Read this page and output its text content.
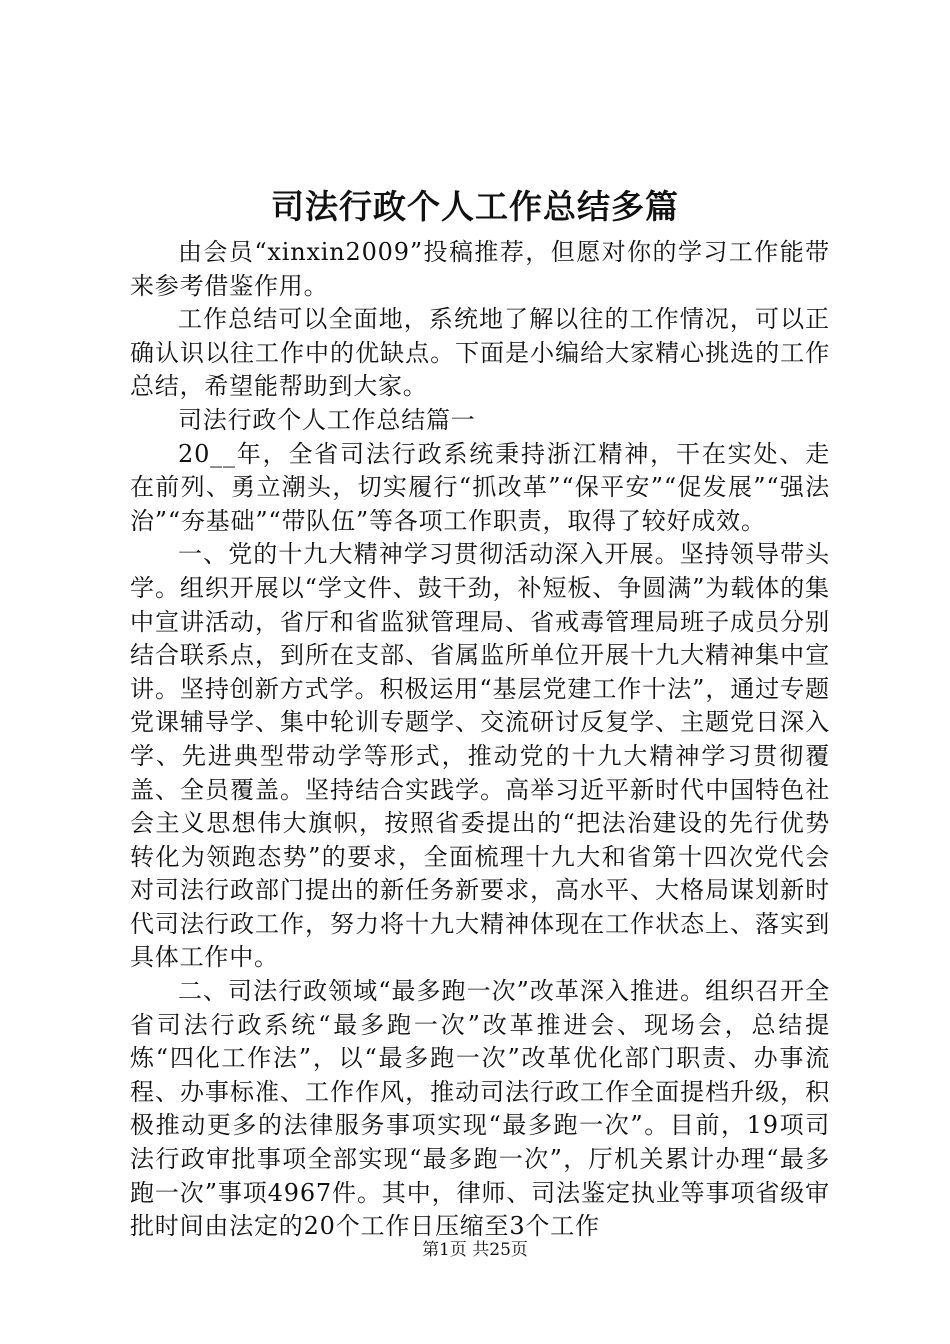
司法行政个人工作总结多篇

由会员“xinxin2009”投稿推荐，但愿对你的学习工作能带来参考借鉴作用。

工作总结可以全面地，系统地了解以往的工作情况，可以正确认识以往工作中的优缺点。下面是小编给大家精心挑选的工作总结，希望能帮助到大家。

司法行政个人工作总结篇一

20__年，全省司法行政系统秉持浙江精神，干在实处、走在前列、勇立潮头，切实履行“抓改革”“保平安”“促发展”“强法治”“夯基础”“带队伍”等各项工作职责，取得了较好成效。

一、党的十九大精神学习贯彻活动深入开展。坚持领导带头学。组织开展以“学文件、鼓干劲，补短板、争圆满”为载体的集中宣讲活动，省厅和省监狱管理局、省戒毒管理局班子成员分别结合联系点，到所在支部、省属监所单位开展十九大精神集中宣讲。坚持创新方式学。积极运用“基层党建工作十法”，通过专题党课辅导学、集中轮训专题学、交流研讨反复学、主题党日深入学、先进典型带动学等形式，推动党的十九大精神学习贯彻覆盖、全员覆盖。坚持结合实践学。高举习近平新时代中国特色社会主义思想伟大旗帜，按照省委提出的“把法治建设的先行优势转化为领跑态势”的要求，全面梳理十九大和省第十四次党代会对司法行政部门提出的新任务新要求，高水平、大格局谋划新时代司法行政工作，努力将十九大精神体现在工作状态上、落实到具体工作中。

二、司法行政领域“最多跑一次”改革深入推进。组织召开全省司法行政系统“最多跑一次”改革推进会、现场会，总结提炼“四化工作法”，以“最多跑一次”改革优化部门职责、办事流程、办事标准、工作作风，推动司法行政工作全面提档升级，积极推动更多的法律服务事项实现“最多跑一次”。目前，19项司法行政审批事项全部实现“最多跑一次”，厅机关累计办理“最多跑一次”事项4967件。其中，律师、司法鉴定执业等事项省级审批时间由法定的20个工作日压缩至3个工作

第1页 共25页
